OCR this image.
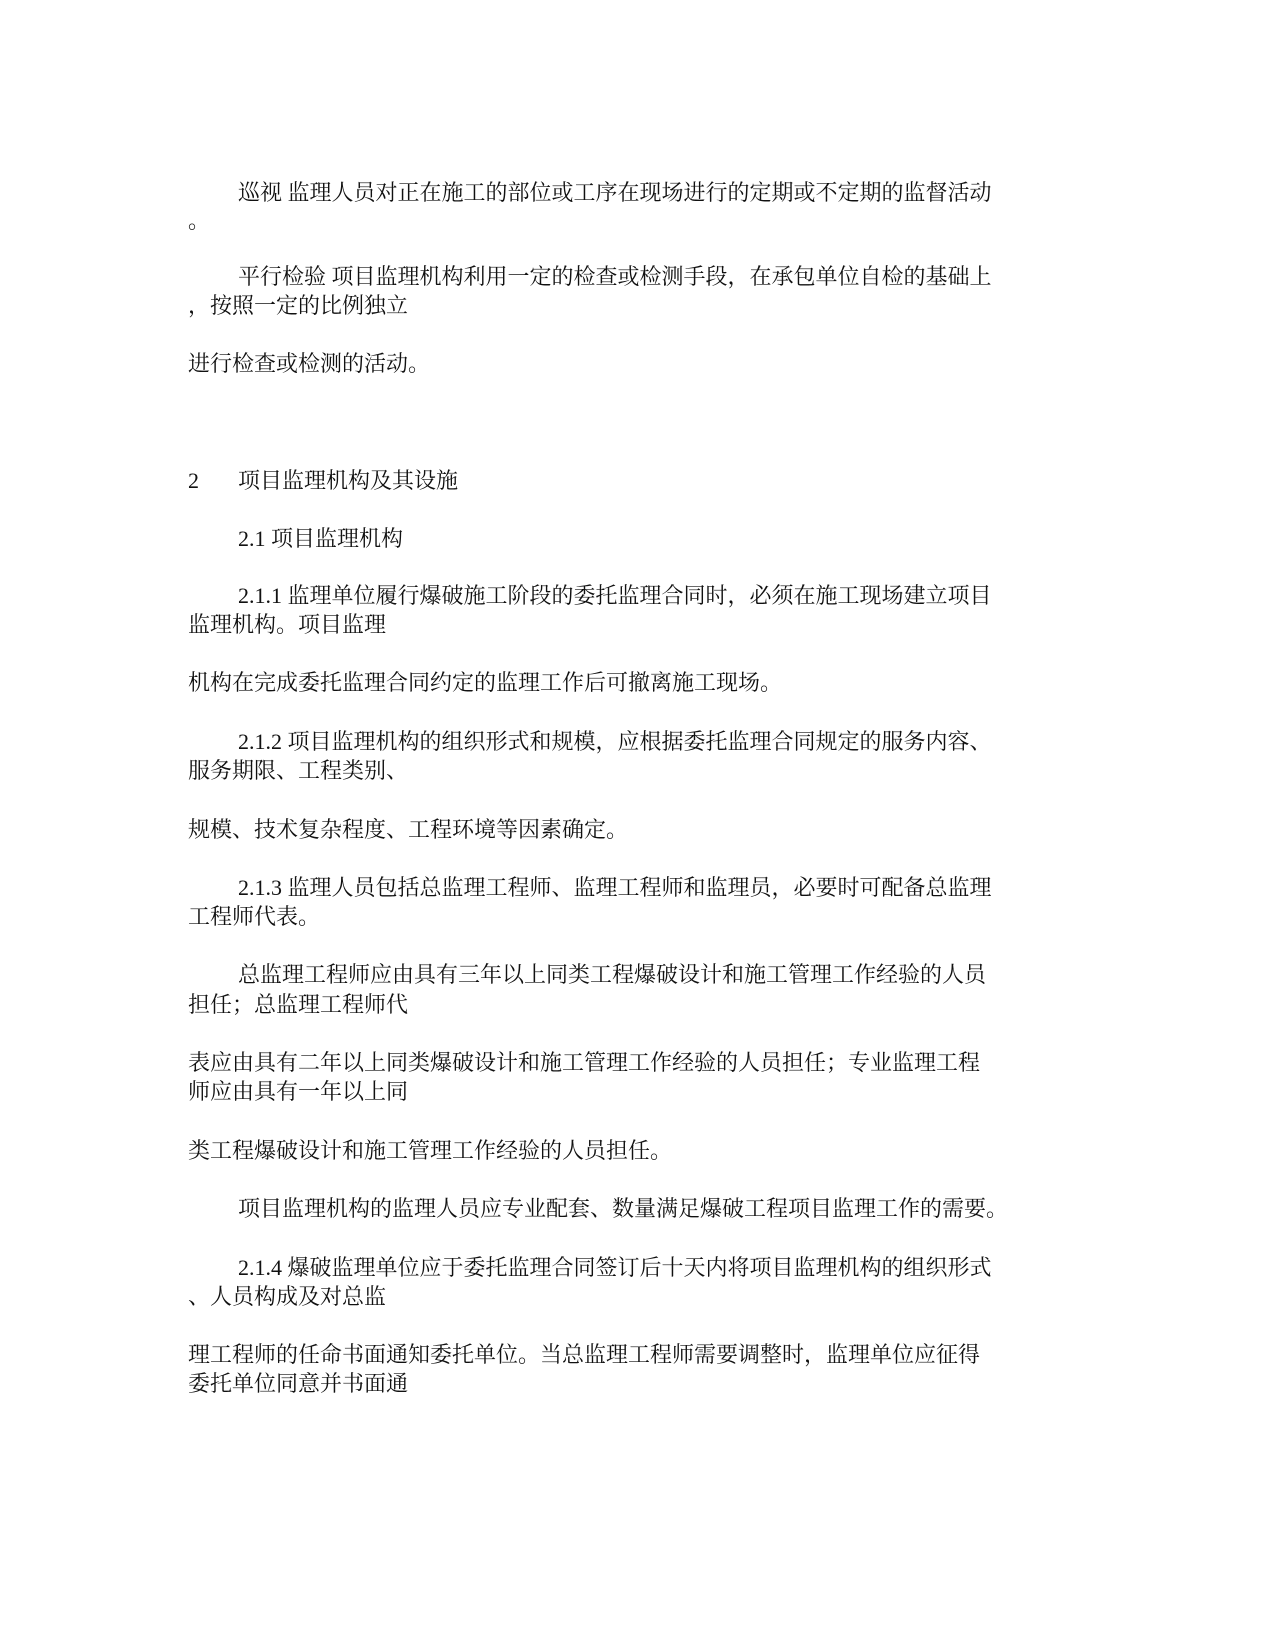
巡视 监理人员对正在施工的部位或工序在现场进行的定期或不定期的监督活动
。
平行检验 项目监理机构利用一定的检查或检测手段，在承包单位自检的基础上
，按照一定的比例独立
进行检查或检测的活动。
2 项目监理机构及其设施
2.1 项目监理机构
2.1.1 监理单位履行爆破施工阶段的委托监理合同时，必须在施工现场建立项目
监理机构。项目监理
机构在完成委托监理合同约定的监理工作后可撤离施工现场。
2.1.2 项目监理机构的组织形式和规模，应根据委托监理合同规定的服务内容、
服务期限、工程类别、
规模、技术复杂程度、工程环境等因素确定。
2.1.3 监理人员包括总监理工程师、监理工程师和监理员，必要时可配备总监理
工程师代表。
总监理工程师应由具有三年以上同类工程爆破设计和施工管理工作经验的人员
担任；总监理工程师代
表应由具有二年以上同类爆破设计和施工管理工作经验的人员担任；专业监理工程
师应由具有一年以上同
类工程爆破设计和施工管理工作经验的人员担任。
项目监理机构的监理人员应专业配套、数量满足爆破工程项目监理工作的需要。
2.1.4 爆破监理单位应于委托监理合同签订后十天内将项目监理机构的组织形式
、人员构成及对总监
理工程师的任命书面通知委托单位。当总监理工程师需要调整时，监理单位应征得
委托单位同意并书面通
